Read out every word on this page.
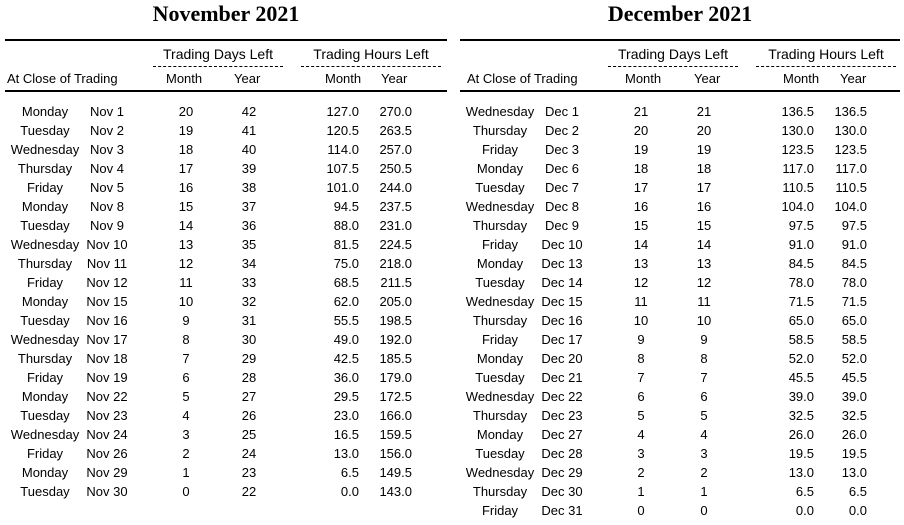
November 2021
Trading Days Left	Trading Hours Left
At Close of Trading	Month Year	Month Year
Monday	Nov 1	20	42	127.0	270.0
Tuesday	Nov 2	19	41	120.5	263.5
Wednesday Nov 3	18	40	114.0	257.0
Thursday	Nov 4	17	39	107.5	250.5
Friday	Nov 5	16	38	101.0	244.0
Monday	Nov 8	15	37	94.5	237.5
Tuesday	Nov 9	14	36	88.0	231.0
Wednesday Nov 10	13	35	81.5	224.5
Thursday	Nov 11	12	34	75.0	218.0
Friday	Nov 12	11	33	68.5	211.5
Monday	Nov 15	10	32	62.0	205.0
Tuesday	Nov 16	9	31	55.5	198.5
Wednesday Nov 17	8	30	49.0	192.0
Thursday	Nov 18	7	29	42.5	185.5
Friday	Nov 19	6	28	36.0	179.0
Monday	Nov 22	5	27	29.5	172.5
Tuesday	Nov 23	4	26	23.0	166.0
Wednesday Nov 24	3	25	16.5	159.5
Friday	Nov 26	2	24	13.0	156.0
Monday	Nov 29	1	23	6.5	149.5
Tuesday	Nov 30	0	22	0.0	143.0
December 2021
Trading Days Left	Trading Hours Left
At Close of Trading	Month	Year	Month Year
Wednesday Dec 1	21	21	136.5	136.5
Thursday	Dec 2	20	20	130.0	130.0
Friday	Dec 3	19	19	123.5	123.5
Monday	Dec 6	18	18	117.0	117.0
Tuesday	Dec 7	17	17	110.5	110.5
Wednesday Dec 8	16	16	104.0	104.0
Thursday	Dec 9	15	15	97.5	97.5
Friday	Dec 10	14	14	91.0	91.0
Monday	Dec 13	13	13	84.5	84.5
Tuesday	Dec 14	12	12	78.0	78.0
Wednesday Dec 15	11	11	71.5	71.5
Thursday	Dec 16	10	10	65.0	65.0
Friday	Dec 17	9	9	58.5	58.5
Monday	Dec 20	8	8	52.0	52.0
Tuesday	Dec 21	7	7	45.5	45.5
Wednesday Dec 22	6	6	39.0	39.0
Thursday	Dec 23	5	5	32.5	32.5
Monday	Dec 27	4	4	26.0	26.0
Tuesday	Dec 28	3	3	19.5	19.5
Wednesday Dec 29	2	2	13.0	13.0
Thursday	Dec 30	1	1	6.5	6.5
Friday	Dec 31	0	0	0.0	0.0
